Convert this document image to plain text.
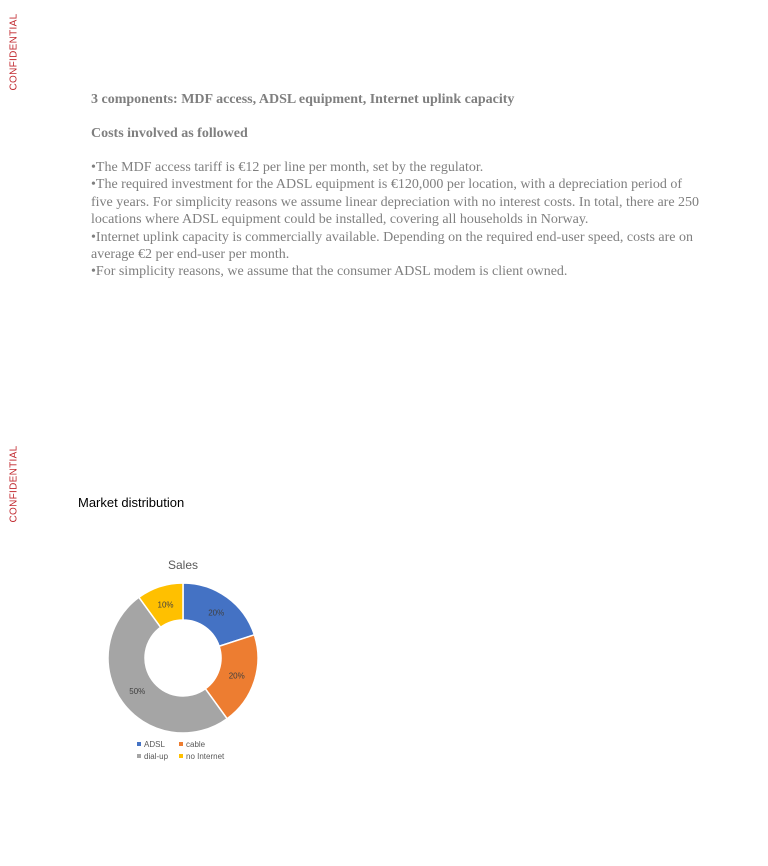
CONFIDENTIAL
CONFIDENTIAL

3 components: MDF access, ADSL equipment, Internet uplink capacity

Costs involved as followed

•The MDF access tariff is €12 per line per month, set by the regulator.

•The required investment for the ADSL equipment is €120,000 per location, with a depreciation period of five years. For simplicity reasons we assume linear depreciation with no interest costs. In total, there are 250 locations where ADSL equipment could be installed, covering all households in Norway.

•Internet uplink capacity is commercially available. Depending on the required end-user speed, costs are on average €2 per end-user per month.

•For simplicity reasons, we assume that the consumer ADSL modem is client owned.

Market distribution
Sales
20%
20%
50%
10%
ADSL	cable
dial-up no Internet
